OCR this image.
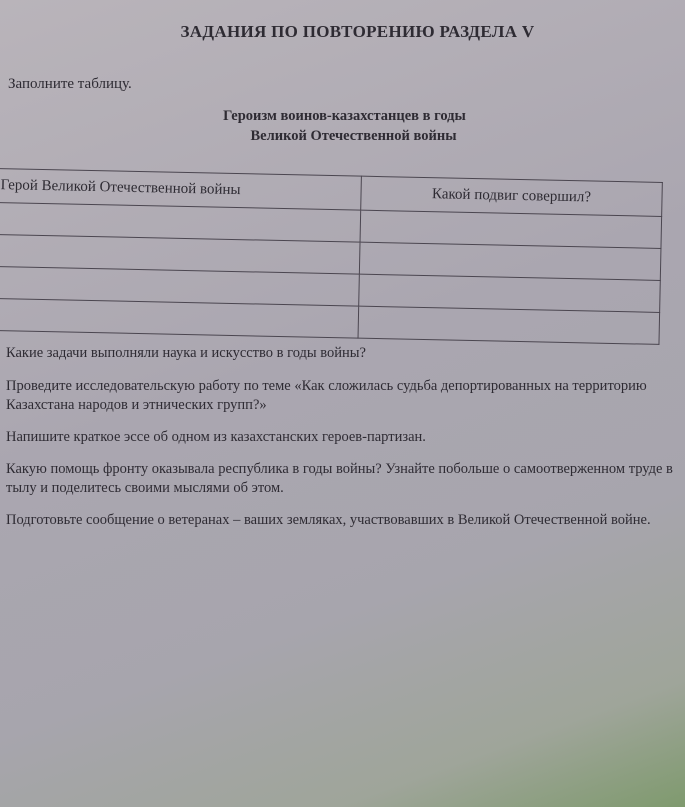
ЗАДАНИЯ ПО ПОВТОРЕНИЮ РАЗДЕЛА V
Заполните таблицу.
Героизм воинов-казахстанцев в годы
Великой Отечественной войны
Герой Великой Отечественной войны	Какой подвиг совершил?

Какие задачи выполняли наука и искусство в годы войны?

Проведите исследовательскую работу по теме «Как сложилась судьба депортированных на территорию Казахстана народов и этнических групп?»

Напишите краткое эссе об одном из казахстанских героев-партизан.

Какую помощь фронту оказывала республика в годы войны? Узнайте побольше о самоотверженном труде в тылу и поделитесь своими мыслями об этом.

Подготовьте сообщение о ветеранах – ваших земляках, участвовавших в Великой Отечественной войне.
